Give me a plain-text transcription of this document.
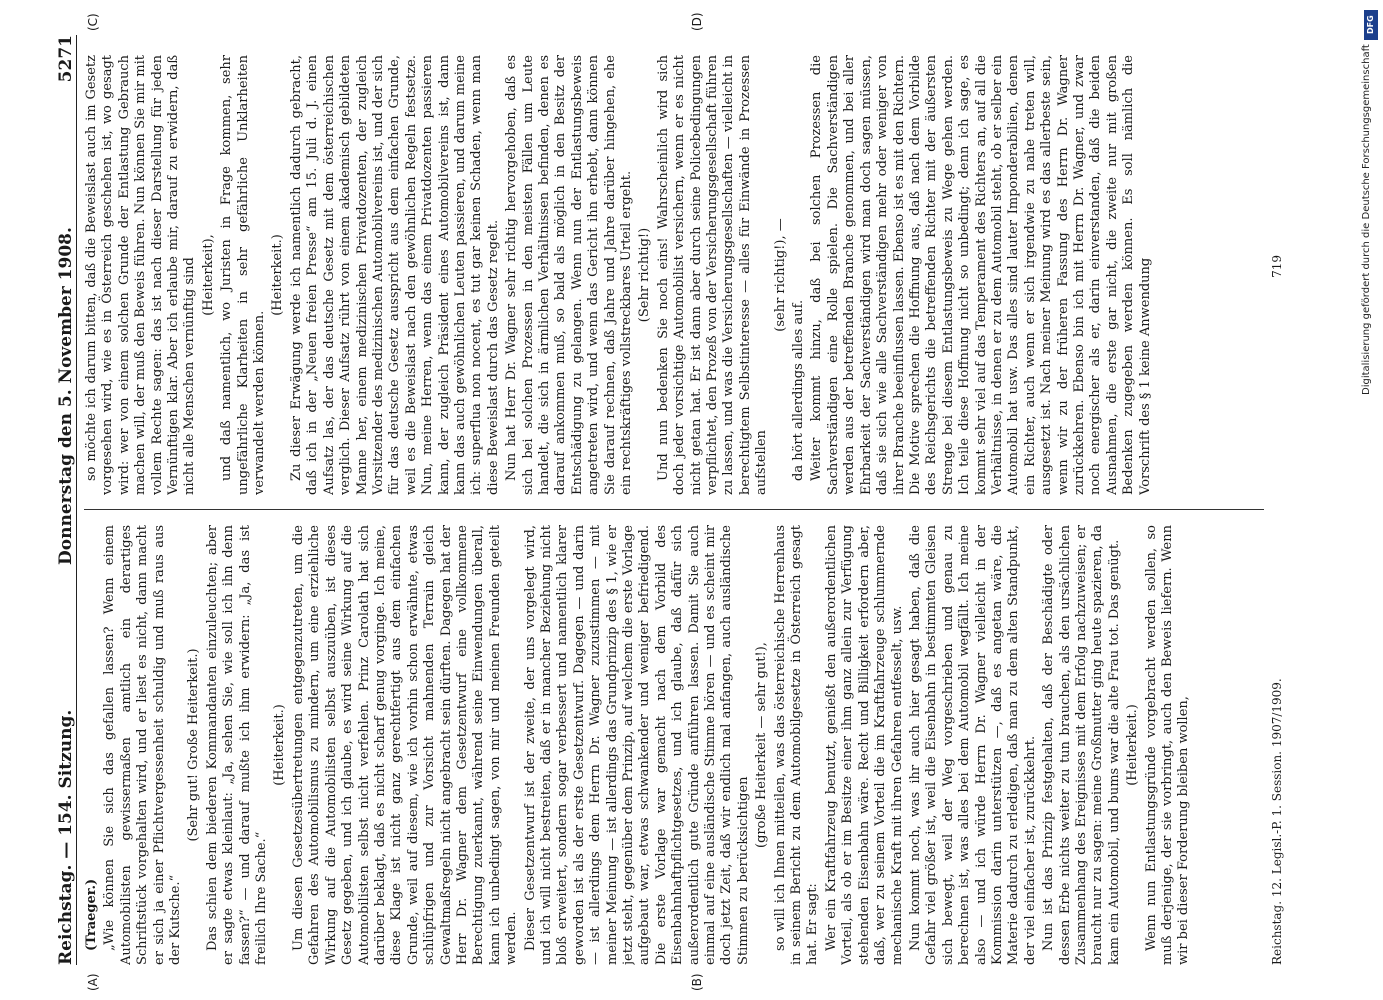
Reichstag. — 154. Sitzung.
Donnerstag den 5. November 1908.
5271
(A)	(B)
(C)	(D)

(Traeger.) „Wie können Sie sich das gefallen lassen? Wenn einem Automobilisten gewissermaßen amtlich ein derartiges Schriftstück vorgehalten wird, und er liest es nicht, dann macht er sich ja einer Pflichtvergessenheit schuldig und muß raus aus der Kutsche.“

(Sehr gut! Große Heiterkeit.) Das schien dem biederen Kommandanten einzuleuchten; aber er sagte etwas kleinlaut: „Ja, sehen Sie, wie soll ich ihn denn fassen?“ — und darauf mußte ich ihm erwidern: „Ja, das ist freilich Ihre Sache.“

(Heiterkeit.) Um diesen Gesetzesübertretungen entgegenzutreten, um die Gefahren des Automobilismus zu mindern, um eine erziehliche Wirkung auf die Automobilisten selbst auszuüben, ist dieses Gesetz gegeben, und ich glaube, es wird seine Wirkung auf die Automobilisten selbst nicht verfehlen. Prinz Carolath hat sich darüber beklagt, daß es nicht scharf genug vorginge. Ich meine, diese Klage ist nicht ganz gerechtfertigt aus dem einfachen Grunde, weil auf diesem, wie ich vorhin schon erwähnte, etwas schlüpfrigen und zur Vorsicht mahnenden Terrain gleich Gewaltmaßregeln nicht angebracht sein dürften. Dagegen hat der Herr Dr. Wagner dem Gesetzentwurf eine vollkommene Berechtigung zuerkannt, während seine Einwendungen überall, kann ich unbedingt sagen, von mir und meinen Freunden geteilt werden. Dieser Gesetzentwurf ist der zweite, der uns vorgelegt wird, und ich will nicht bestreiten, daß er in mancher Beziehung nicht bloß erweitert, sondern sogar verbessert und namentlich klarer geworden ist als der erste Gesetzentwurf. Dagegen — und darin — ist allerdings dem Herrn Dr. Wagner zuzustimmen — mit meiner Meinung — ist allerdings das Grundprinzip des § 1, wie er jetzt steht, gegenüber dem Prinzip, auf welchem die erste Vorlage aufgebaut war, etwas schwankender und weniger befriedigend. Die erste Vorlage war gemacht nach dem Vorbild des Eisenbahnhaftpflichtgesetzes, und ich glaube, daß dafür sich außerordentlich gute Gründe anführen lassen. Damit Sie auch einmal auf eine ausländische Stimme hören — und es scheint mir doch jetzt Zeit, daß wir endlich mal anfangen, auch ausländische Stimmen zu berücksichtigen

(große Heiterkeit — sehr gut!), so will ich Ihnen mitteilen, was das österreichische Herrenhaus in seinem Bericht zu dem Automobilgesetze in Österreich gesagt hat. Er sagt: Wer ein Kraftfahrzeug benutzt, genießt den außerordentlichen Vorteil, als ob er im Besitze einer ihm ganz allein zur Verfügung stehenden Eisenbahn wäre. Recht und Billigkeit erfordern aber, daß, wer zu seinem Vorteil die im Kraftfahrzeuge schlummernde mechanische Kraft mit ihren Gefahren entfesselt, usw. Nun kommt noch, was ihr auch hier gesagt haben, daß die Gefahr viel größer ist, weil die Eisenbahn in bestimmten Gleisen sich bewegt, weil der Weg vorgeschrieben und genau zu berechnen ist, was alles bei dem Automobil wegfällt. Ich meine also — und ich würde Herrn Dr. Wagner vielleicht in der Kommission darin unterstützen —, daß es angetan wäre, die Materie dadurch zu erledigen, daß man zu dem alten Standpunkt, der viel einfacher ist, zurückkehrt. Nun ist das Prinzip festgehalten, daß der Beschädigte oder dessen Erbe nichts weiter zu tun brauchen, als den ursächlichen Zusammenhang des Ereignisses mit dem Erfolg nachzuweisen; er braucht nur zu sagen: meine Großmutter ging heute spazieren, da kam ein Automobil, und bums war die alte Frau tot. Das genügt. (Heiterkeit.) Wenn nun Entlastungsgründe vorgebracht werden sollen, so muß derjenige, der sie vorbringt, auch den Beweis liefern. Wenn wir bei dieser Forderung bleiben wollen,

so möchte ich darum bitten, daß die Beweislast auch im Gesetz vorgesehen wird, wie es in Österreich geschehen ist, wo gesagt wird: wer von einem solchen Grunde der Entlastung Gebrauch machen will, der muß den Beweis führen. Nun können Sie mir mit vollem Rechte sagen: das ist nach dieser Darstellung für jeden Vernünftigen klar. Aber ich erlaube mir, darauf zu erwidern, daß nicht alle Menschen vernünftig sind (Heiterkeit), und daß namentlich, wo Juristen in Frage kommen, sehr ungefährliche Klarheiten in sehr gefährliche Unklarheiten verwandelt werden können.

(Heiterkeit.) Zu dieser Erwägung werde ich namentlich dadurch gebracht, daß ich in der „Neuen freien Presse“ am 15. Juli d. J. einen Aufsatz las, der das deutsche Gesetz mit dem österreichischen verglich. Dieser Aufsatz rührt von einem akademisch gebildeten Manne her, einem medizinischen Privatdozenten, der zugleich Vorsitzender des medizinischen Automobilvereins ist, und der sich für das deutsche Gesetz ausspricht aus dem einfachen Grunde, weil es die Beweislast nach den gewöhnlichen Regeln festsetze. Nun, meine Herren, wenn das einem Privatdozenten passieren kann, der zugleich Präsident eines Automobilvereins ist, dann kann das auch gewöhnlichen Leuten passieren, und darum meine ich: superflua non nocent, es tut gar keinen Schaden, wenn man diese Beweislast durch das Gesetz regelt. Nun hat Herr Dr. Wagner sehr richtig hervorgehoben, daß es sich bei solchen Prozessen in den meisten Fällen um Leute handelt, die sich in ärmlichen Verhältnissen befinden, denen es darauf ankommen muß, so bald als möglich in den Besitz der Entschädigung zu gelangen. Wenn nun der Entlastungsbeweis angetreten wird, und wenn das Gericht ihn erhebt, dann können Sie darauf rechnen, daß Jahre und Jahre darüber hingehen, ehe ein rechtskräftiges vollstreckbares Urteil ergeht. (Sehr richtig!) Und nun bedenken Sie noch eins! Wahrscheinlich wird sich doch jeder vorsichtige Automobilist versichern, wenn er es nicht nicht getan hat. Er ist dann aber durch seine Policebedingungen verpflichtet, den Prozeß von der Versicherungsgesellschaft führen zu lassen, und was die Versicherungsgesellschaften — vielleicht in berechtigtem Selbstinteresse — alles für Einwände in Prozessen aufstellen

(sehr richtig!), —

da hört allerdings alles auf. Weiter kommt hinzu, daß bei solchen Prozessen die Sachverständigen eine Rolle spielen. Die Sachverständigen werden aus der betreffenden Branche genommen, und bei aller Ehrbarkeit der Sachverständigen wird man doch sagen müssen, daß sie sich wie alle Sachverständigen mehr oder weniger von ihrer Branche beeinflussen lassen. Ebenso ist es mit den Richtern. Die Motive sprechen die Hoffnung aus, daß nach dem Vorbilde des Reichsgerichts die betreffenden Richter mit der äußersten Strenge bei diesem Entlastungsbeweis zu Wege gehen werden. Ich teile diese Hoffnung nicht so unbedingt; denn ich sage, es kommt sehr viel auf das Temperament des Richters an, auf all die Verhältnisse, in denen er zu dem Automobil steht, ob er selber ein Automobil hat usw. Das alles sind lauter Imponderabilien, denen ein Richter, auch wenn er sich irgendwie zu nahe treten will, ausgesetzt ist. Nach meiner Meinung wird es das allerbeste sein, wenn wir zu der früheren Fassung des Herrn Dr. Wagner zurückkehren. Ebenso bin ich mit Herrn Dr. Wagner, und zwar noch energischer als er, darin einverstanden, daß die beiden Ausnahmen, die erste gar nicht, die zweite nur mit großen Bedenken zugegeben werden können. Es soll nämlich die Vorschrift des § 1 keine Anwendung

Reichstag. 12. Legisl.-P. 1. Session. 1907/1909.
719
DFG
Digitalisierung gefördert durch die Deutsche Forschungsgemeinschaft
